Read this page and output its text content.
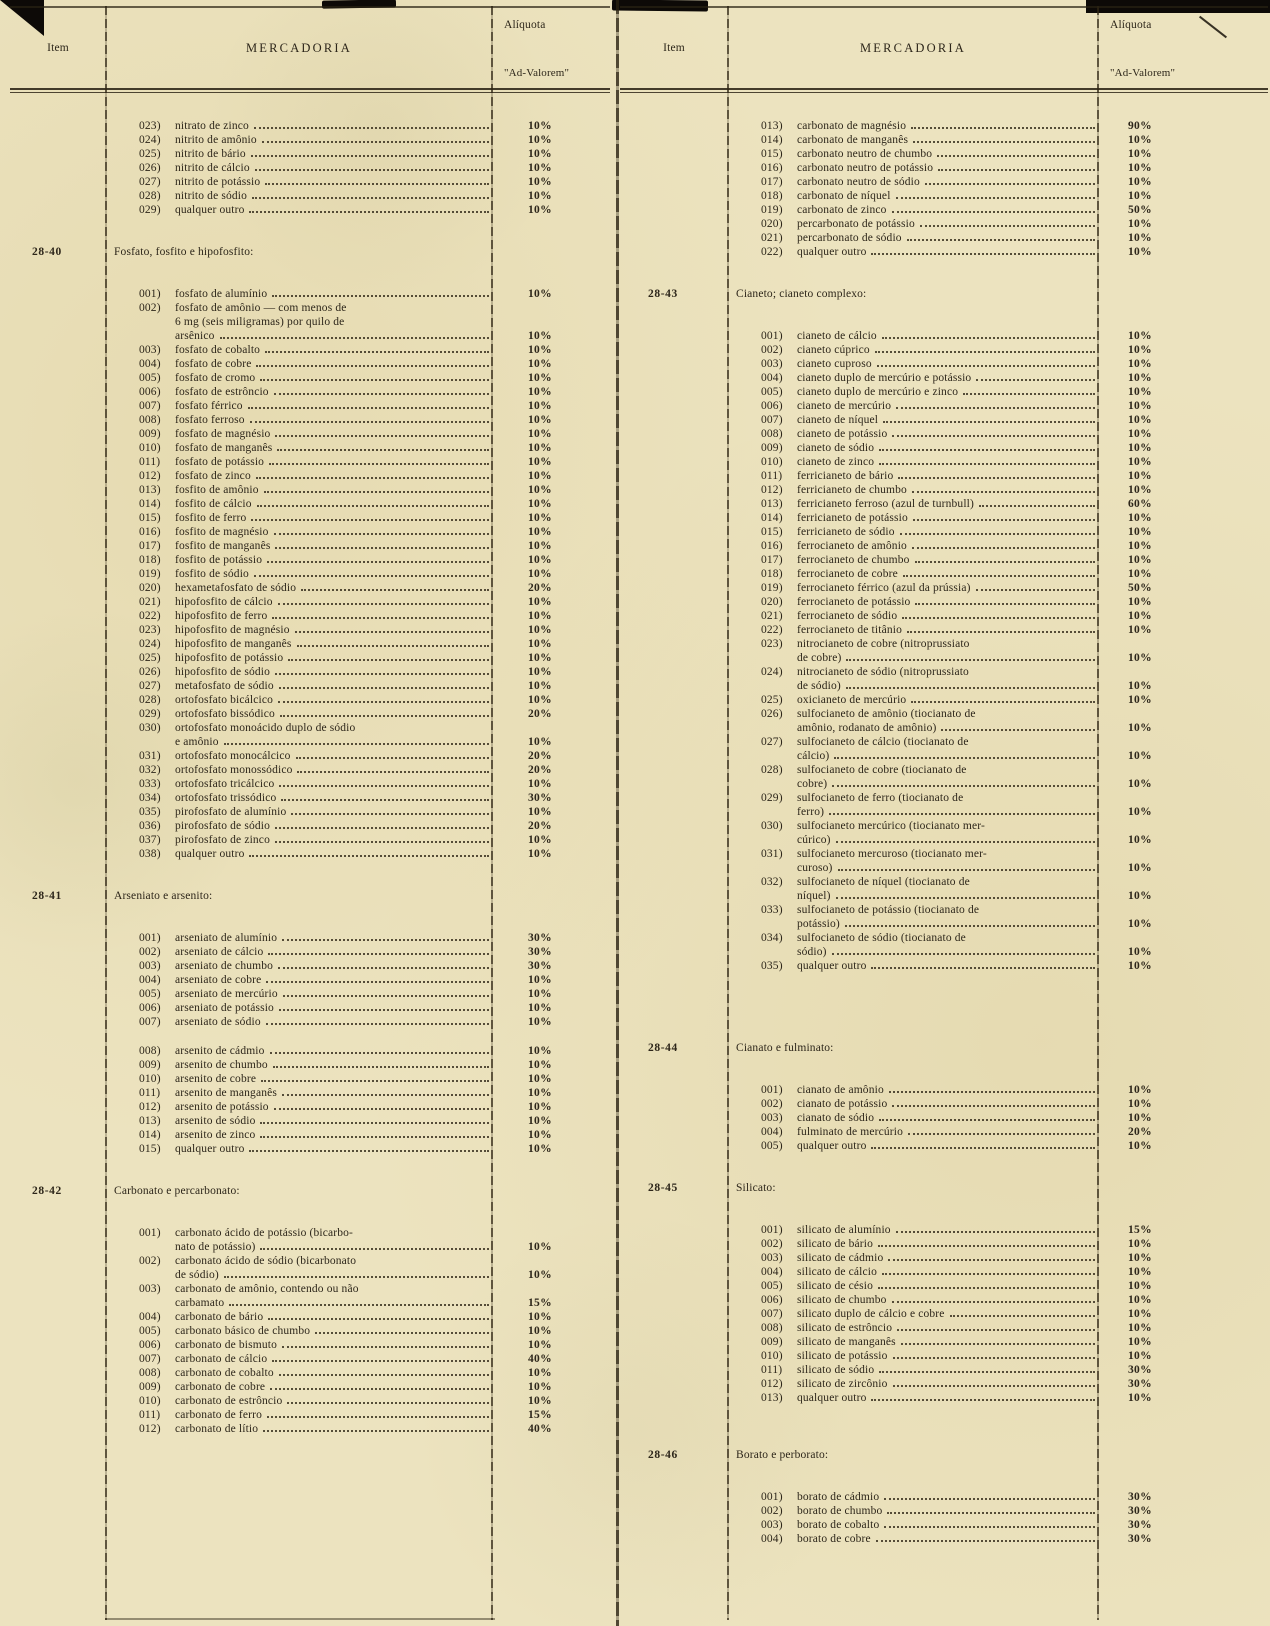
Item	MERCADORIA
Alíquota
"Ad-Valorem"
023)	nitrato de zinco	10%
024)	nitrito de amônio	10%
025)	nitrito de bário	10%
026)	nitrito de cálcio	10%
027)	nitrito de potássio	10%
028)	nitrito de sódio	10%
029)	qualquer outro	10%
28-40	Fosfato, fosfito e hipofosfito:
001)	fosfato de alumínio	10%
002)	fosfato de amônio — com menos de
6 mg (seis miligramas) por quilo de
arsênico	10%
003)	fosfato de cobalto	10%
004)	fosfato de cobre	10%
005)	fosfato de cromo	10%
006)	fosfato de estrôncio	10%
007)	fosfato férrico	10%
008)	fosfato ferroso	10%
009)	fosfato de magnésio	10%
010)	fosfato de manganês	10%
011)	fosfato de potássio	10%
012)	fosfato de zinco	10%
013)	fosfito de amônio	10%
014)	fosfito de cálcio	10%
015)	fosfito de ferro	10%
016)	fosfito de magnésio	10%
017)	fosfito de manganês	10%
018)	fosfito de potássio	10%
019)	fosfito de sódio	10%
020)	hexametafosfato de sódio	20%
021)	hipofosfito de cálcio	10%
022)	hipofosfito de ferro	10%
023)	hipofosfito de magnésio	10%
024)	hipofosfito de manganês	10%
025)	hipofosfito de potássio	10%
026)	hipofosfito de sódio	10%
027)	metafosfato de sódio	10%
028)	ortofosfato bicálcico	10%
029)	ortofosfato bissódico	20%
030)	ortofosfato monoácido duplo de sódio
e amônio	10%
031)	ortofosfato monocálcico	20%
032)	ortofosfato monossódico	20%
033)	ortofosfato tricálcico	10%
034)	ortofosfato trissódico	30%
035)	pirofosfato de alumínio	10%
036)	pirofosfato de sódio	20%
037)	pirofosfato de zinco	10%
038)	qualquer outro	10%
28-41	Arseniato e arsenito:
001)	arseniato de alumínio	30%
002)	arseniato de cálcio	30%
003)	arseniato de chumbo	30%
004)	arseniato de cobre	10%
005)	arseniato de mercúrio	10%
006)	arseniato de potássio	10%
007)	arseniato de sódio	10%
008)	arsenito de cádmio	10%
009)	arsenito de chumbo	10%
010)	arsenito de cobre	10%
011)	arsenito de manganês	10%
012)	arsenito de potássio	10%
013)	arsenito de sódio	10%
014)	arsenito de zinco	10%
015)	qualquer outro	10%
28-42	Carbonato e percarbonato:
001)	carbonato ácido de potássio (bicarbo-
nato de potássio)	10%
002)	carbonato ácido de sódio (bicarbonato
de sódio)	10%
003)	carbonato de amônio, contendo ou não
carbamato	15%
004)	carbonato de bário	10%
005)	carbonato básico de chumbo	10%
006)	carbonato de bismuto	10%
007)	carbonato de cálcio	40%
008)	carbonato de cobalto	10%
009)	carbonato de cobre	10%
010)	carbonato de estrôncio	10%
011)	carbonato de ferro	15%
012)	carbonato de lítio	40%
Item	MERCADORIA
Alíquota
"Ad-Valorem"
013)	carbonato de magnésio	90%
014)	carbonato de manganês	10%
015)	carbonato neutro de chumbo	10%
016)	carbonato neutro de potássio	10%
017)	carbonato neutro de sódio	10%
018)	carbonato de níquel	10%
019)	carbonato de zinco	50%
020)	percarbonato de potássio	10%
021)	percarbonato de sódio	10%
022)	qualquer outro	10%
28-43	Cianeto; cianeto complexo:
001)	cianeto de cálcio	10%
002)	cianeto cúprico	10%
003)	cianeto cuproso	10%
004)	cianeto duplo de mercúrio e potássio	10%
005)	cianeto duplo de mercúrio e zinco	10%
006)	cianeto de mercúrio	10%
007)	cianeto de níquel	10%
008)	cianeto de potássio	10%
009)	cianeto de sódio	10%
010)	cianeto de zinco	10%
011)	ferricianeto de bário	10%
012)	ferricianeto de chumbo	10%
013)	ferricianeto ferroso (azul de turnbull)	60%
014)	ferricianeto de potássio	10%
015)	ferricianeto de sódio	10%
016)	ferrocianeto de amônio	10%
017)	ferrocianeto de chumbo	10%
018)	ferrocianeto de cobre	10%
019)	ferrocianeto férrico (azul da prússia)	50%
020)	ferrocianeto de potássio	10%
021)	ferrocianeto de sódio	10%
022)	ferrocianeto de titânio	10%
023)	nitrocianeto de cobre (nitroprussiato
de cobre)	10%
024)	nitrocianeto de sódio (nitroprussiato
de sódio)	10%
025)	oxicianeto de mercúrio	10%
026)	sulfocianeto de amônio (tiocianato de
amônio, rodanato de amônio)	10%
027)	sulfocianeto de cálcio (tiocianato de
cálcio)	10%
028)	sulfocianeto de cobre (tiocianato de
cobre)	10%
029)	sulfocianeto de ferro (tiocianato de
ferro)	10%
030)	sulfocianeto mercúrico (tiocianato mer-
cúrico)	10%
031)	sulfocianeto mercuroso (tiocianato mer-
curoso)	10%
032)	sulfocianeto de níquel (tiocianato de
níquel)	10%
033)	sulfocianeto de potássio (tiocianato de
potássio)	10%
034)	sulfocianeto de sódio (tiocianato de
sódio)	10%
035)	qualquer outro	10%
28-44	Cianato e fulminato:
001)	cianato de amônio	10%
002)	cianato de potássio	10%
003)	cianato de sódio	10%
004)	fulminato de mercúrio	20%
005)	qualquer outro	10%
28-45	Silicato:
001)	silicato de alumínio	15%
002)	silicato de bário	10%
003)	silicato de cádmio	10%
004)	silicato de cálcio	10%
005)	silicato de césio	10%
006)	silicato de chumbo	10%
007)	silicato duplo de cálcio e cobre	10%
008)	silicato de estrôncio	10%
009)	silicato de manganês	10%
010)	silicato de potássio	10%
011)	silicato de sódio	30%
012)	silicato de zircônio	30%
013)	qualquer outro	10%
28-46	Borato e perborato:
001)	borato de cádmio	30%
002)	borato de chumbo	30%
003)	borato de cobalto	30%
004)	borato de cobre	30%
